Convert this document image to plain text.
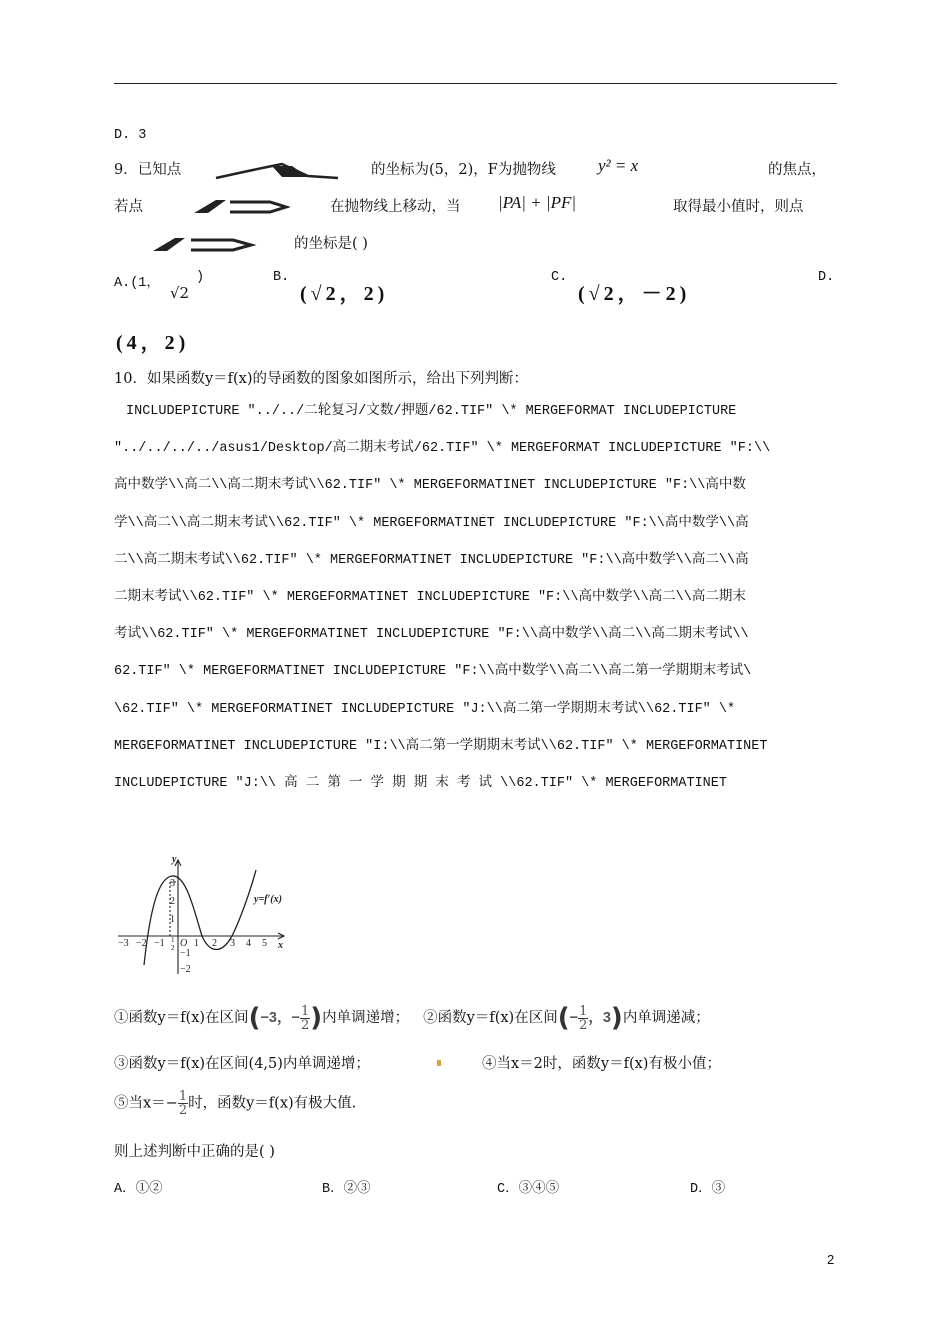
D. 3
9．已知点	的坐标为(5，2)，F为抛物线 y² = x	的焦点，
若点	在抛物线上移动，当 |PA| + |PF|	取得最小值时，则点
的坐标是( )
A.(1，
√2
)	B.
(√2，2)
C.
(√2，－2)
D.
(4，2)
10．如果函数y＝f(x)的导函数的图象如图所示，给出下列判断：
INCLUDEPICTURE "../../二轮复习/文数/押题/62.TIF" \* MERGEFORMAT INCLUDEPICTURE
"../../../../asus1/Desktop/高二期末考试/62.TIF" \* MERGEFORMAT INCLUDEPICTURE "F:\\
高中数学\\高二\\高二期末考试\\62.TIF" \* MERGEFORMATINET INCLUDEPICTURE "F:\\高中数
学\\高二\\高二期末考试\\62.TIF" \* MERGEFORMATINET INCLUDEPICTURE "F:\\高中数学\\高
二\\高二期末考试\\62.TIF" \* MERGEFORMATINET INCLUDEPICTURE "F:\\高中数学\\高二\\高
二期末考试\\62.TIF" \* MERGEFORMATINET INCLUDEPICTURE "F:\\高中数学\\高二\\高二期末
考试\\62.TIF" \* MERGEFORMATINET INCLUDEPICTURE "F:\\高中数学\\高二\\高二期末考试\\
62.TIF" \* MERGEFORMATINET INCLUDEPICTURE "F:\\高中数学\\高二\\高二第一学期期末考试\
\62.TIF" \* MERGEFORMATINET INCLUDEPICTURE "J:\\高二第一学期期末考试\\62.TIF" \*
MERGEFORMATINET INCLUDEPICTURE "I:\\高二第一学期期末考试\\62.TIF" \* MERGEFORMATINET
INCLUDEPICTURE "J:\\ 高 二 第 一 学 期 期 末 考 试 \\62.TIF" \* MERGEFORMATINET
y
x
y=f′(x)
O
−3 −2 −1	1 2 3 4 5
1
2
3
2
1
−1
−2
①函数y＝f(x)在区间(−3，− $\frac{1}{2}$ )内单调递增； ②函数y＝f(x)在区间(− $\frac{1}{2}$ ，3)内单调递减；
③函数y＝f(x)在区间(4,5)内单调递增；	④当x＝2时，函数y＝f(x)有极小值；
⑤当$x=- \frac{1}{2}$ 时，函数y＝f(x)有极大值.
则上述判断中正确的是( )
A．①②	B．②③	C．③④⑤	D．③
2
